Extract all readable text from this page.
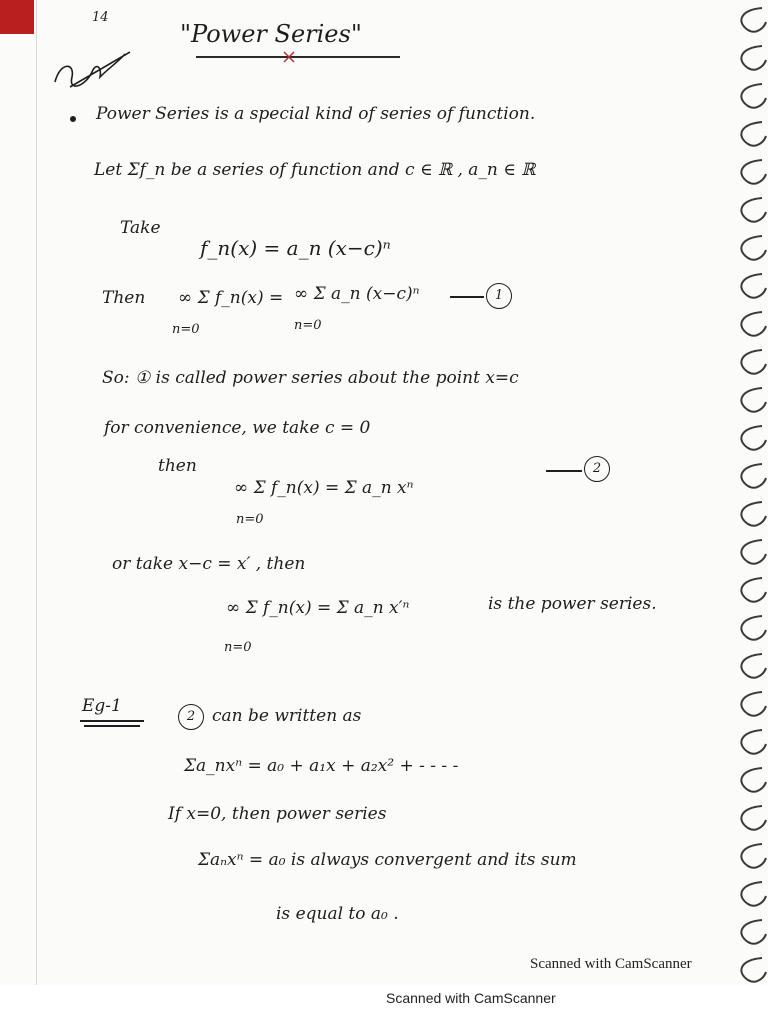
14
"Power Series"
Power Series is a special kind of series of function.
Let Σf_n be a series of function and c ∈ ℝ , a_n ∈ ℝ
Take
f_n(x) = a_n (x−c)ⁿ
Then ∞ Σ f_n(x) =
n=0
∞ Σ a_n (x−c)ⁿ
n=0
1
So: ① is called power series about the point x=c
for convenience, we take c = 0
then
∞ Σ f_n(x) = Σ a_n xⁿ
n=0
2
or take x−c = x′ , then
∞ Σ f_n(x) = Σ a_n x′ⁿ
n=0
is the power series.
Eg-1
2 can be written as
Σa_nxⁿ = a₀ + a₁x + a₂x² + - - - -
If x=0, then power series
Σaₙxⁿ = a₀ is always convergent and its sum
is equal to a₀ .
Scanned with CamScanner
Scanned with CamScanner
